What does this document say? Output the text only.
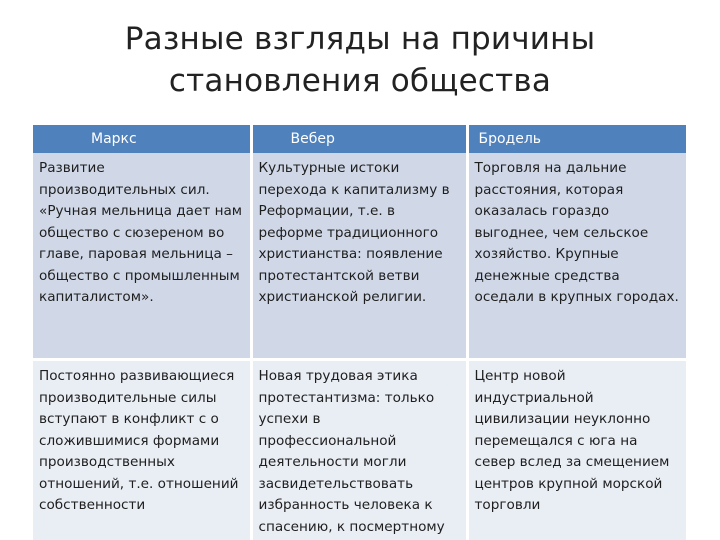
Разные взгляды на причины
становления общества
Маркс	Вебер	Бродель
Развитие производительных сил. «Ручная мельница дает нам общество с сюзереном во главе, паровая мельница – общество с промышленным капиталистом».	Культурные истоки перехода к капитализму в Реформации, т.е. в реформе традиционного христианства: появление протестантской ветви христианской религии.	Торговля на дальние расстояния, которая оказалась гораздо выгоднее, чем сельское хозяйство. Крупные денежные средства оседали в крупных городах.
Постоянно развивающиеся производительные силы вступают в конфликт с о сложившимися формами производственных отношений, т.е. отношений собственности	Новая трудовая этика протестантизма: только успехи в профессиональной деятельности могли засвидетельствовать избранность человека к спасению, к посмертному	Центр новой индустриальной цивилизации неуклонно перемещался с юга на север вслед за смещением центров крупной морской торговли
